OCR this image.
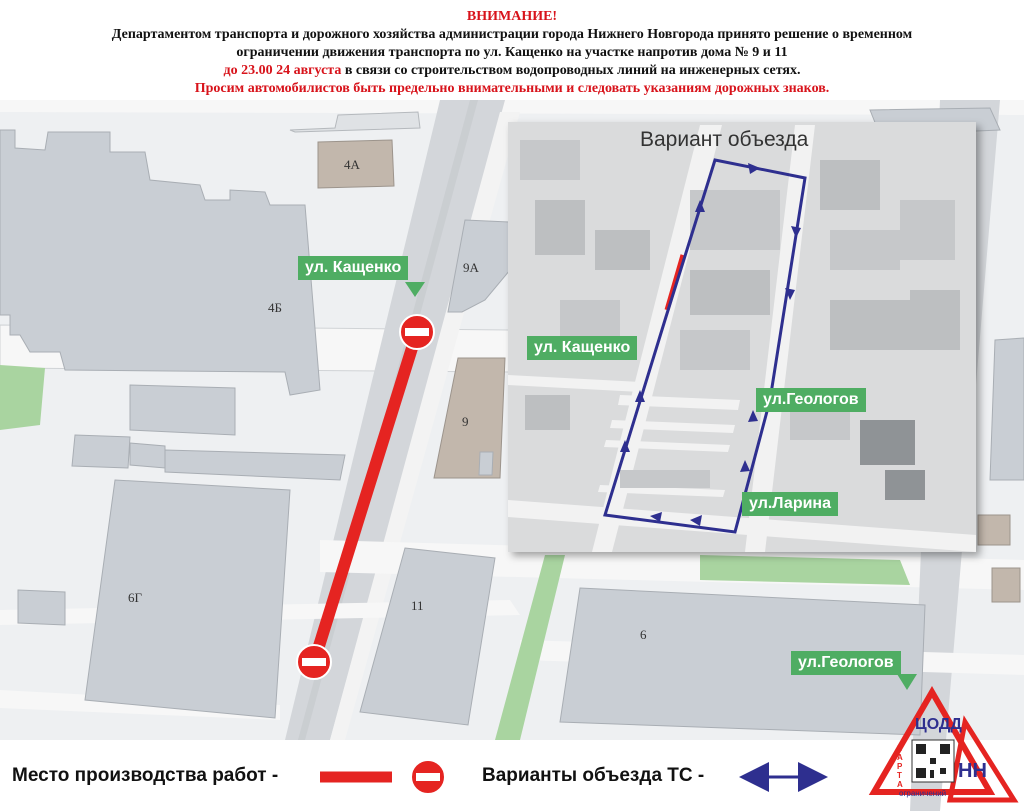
ВНИМАНИЕ!
Департаментом транспорта и дорожного хозяйства администрации города Нижнего Новгорода принято решение о временном
ограничении движения транспорта по ул. Кащенко на участке напротив дома № 9 и 11
до 23.00 24 августа в связи со строительством водопроводных линий на инженерных сетях.
Просим автомобилистов быть предельно внимательными и следовать указаниям дорожных знаков.
4А
4Б
9А
9
6Г
11
6
Вариант объезда
ул. Кащенко
ул. Кащенко
ул.Геологов
ул.Ларина
ул.Геологов
Место производства работ -	Варианты объезда ТС -
ЦОДД
НН
КАРТА
ограничений
